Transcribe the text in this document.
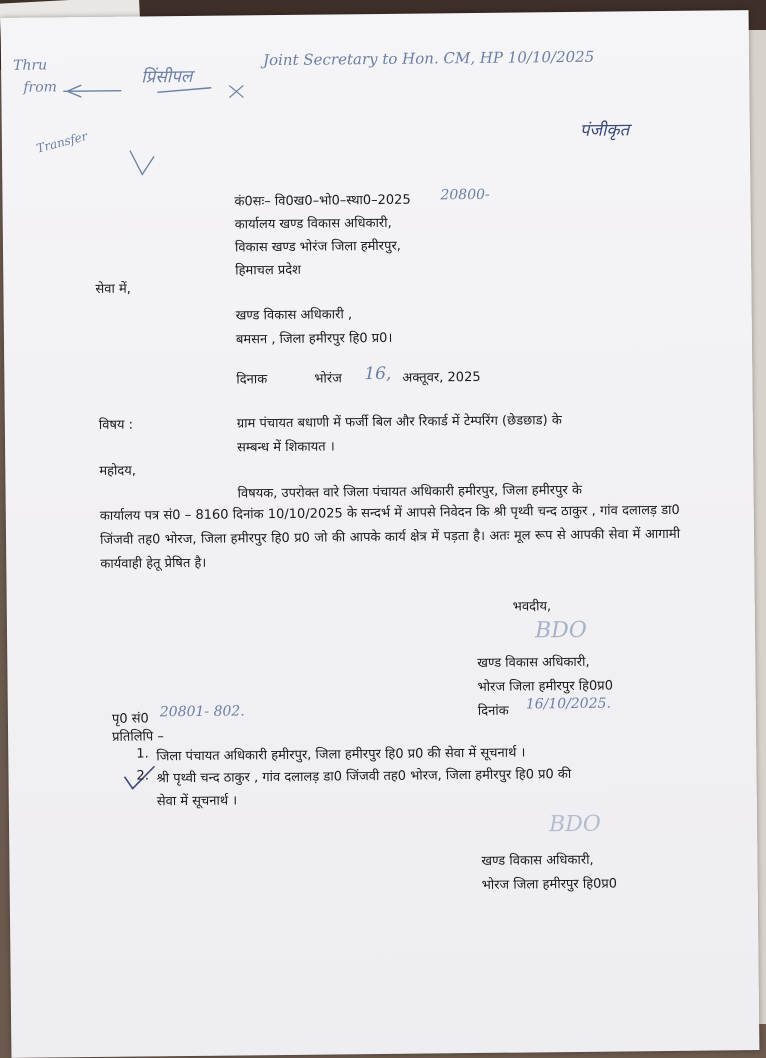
Thru
from
प्रिंसीपल
Joint Secretary to Hon. CM, HP 10/10/2025
Transfer	पंजीकृत
कं0सः– वि0ख0–भो0–स्था0–2025 20800-
कार्यालय खण्ड विकास अधिकारी,
विकास खण्ड भोरंज जिला हमीरपुर,
हिमाचल प्रदेश
सेवा में,
खण्ड विकास अधिकारी ,
बमसन , जिला हमीरपुर हि0 प्र0।
दिनाक	भोरंज 16, अक्तूवर, 2025
विषय :	ग्राम पंचायत बधाणी में फर्जी बिल और रिकार्ड में टेम्परिंग (छेडछाड) के
सम्बन्ध में शिकायत ।
महोदय,
विषयक, उपरोक्त वारे जिला पंचायत अधिकारी हमीरपुर, जिला हमीरपुर के
कार्यालय पत्र सं0 – 8160 दिनांक 10/10/2025 के सन्दर्भ में आपसे निवेदन कि श्री पृथ्वी चन्द ठाकुर , गांव दलालड़ डा0 जिंजवी तह0 भोरज, जिला हमीरपुर हि0 प्र0 जो की आपके कार्य क्षेत्र में पड़ता है। अतः मूल रूप से आपकी सेवा में आगामी कार्यवाही हेतू प्रेषित है।
भवदीय,
BDO
खण्ड विकास अधिकारी,
भोरज जिला हमीरपुर हि0प्र0
दिनांक 16/10/2025.
पृ0 सं0 20801- 802.
प्रतिलिपि –
1. जिला पंचायत अधिकारी हमीरपुर, जिला हमीरपुर हि0 प्र0 की सेवा में सूचनार्थ ।
2. श्री पृथ्वी चन्द ठाकुर , गांव दलालड़ डा0 जिंजवी तह0 भोरज, जिला हमीरपुर हि0 प्र0 की
सेवा में सूचनार्थ ।
BDO
खण्ड विकास अधिकारी,
भोरज जिला हमीरपुर हि0प्र0
